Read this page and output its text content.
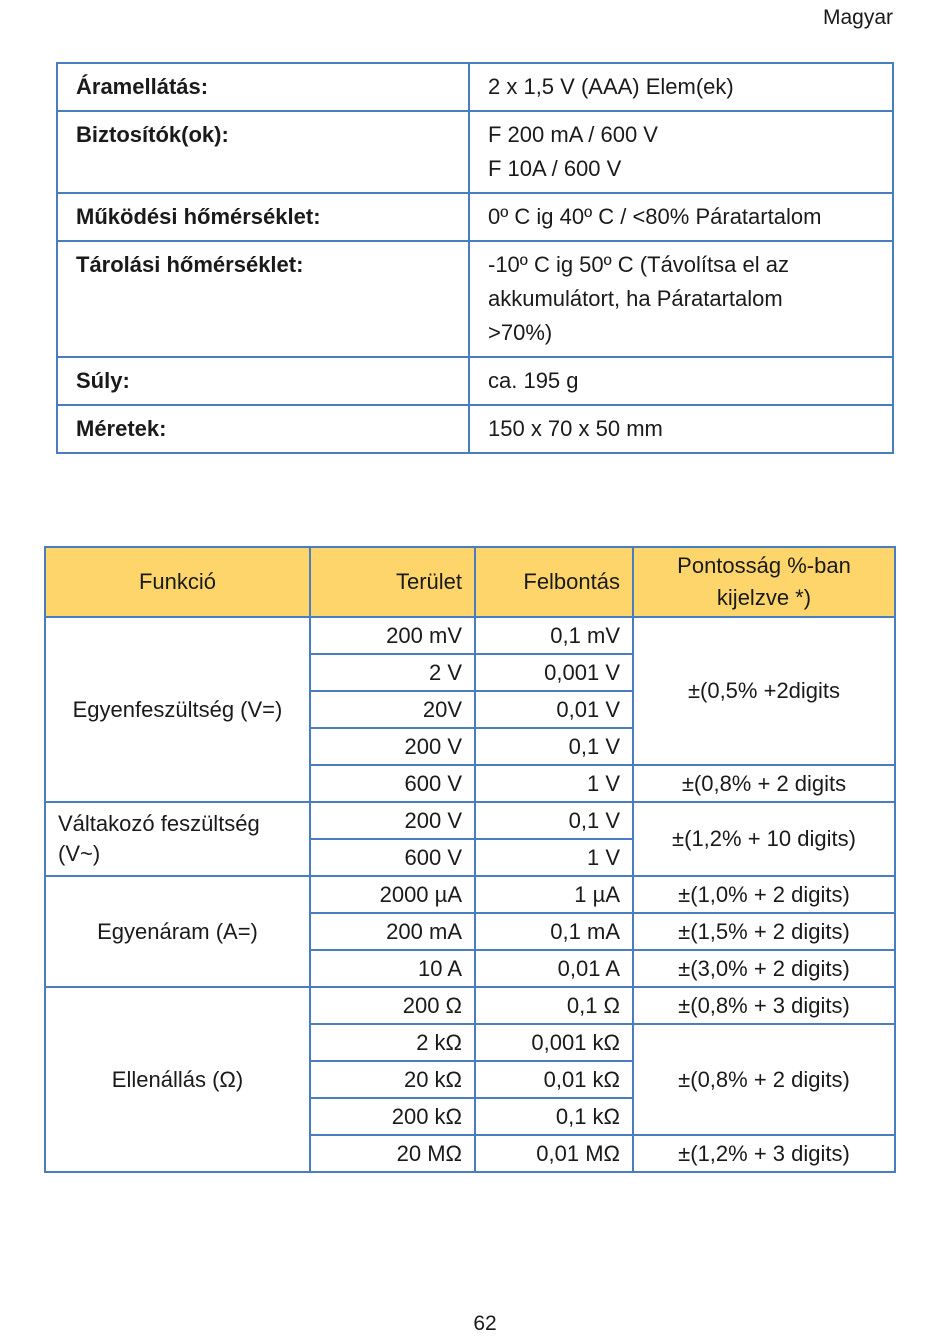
Magyar
Áramellátás:	2 x 1,5 V (AAA) Elem(ek)

Biztosítók(ok):	F 200 mA / 600 V
F 10A / 600 V

Működési hőmérséklet:	0º C ig 40º C / <80% Páratartalom

Tárolási hőmérséklet:	-10º C ig 50º C (Távolítsa el az
akkumulátort, ha Páratartalom
>70%)

Súly:	ca. 195 g

Méretek:	150 x 70 x 50 mm
Funkció	Terület	Felbontás	Pontosság %-ban
kijelzve *)

Egyenfeszültség (V=)	200 mV	0,1 mV	±(0,5% +2digits
	2 V	0,001 V	
	20V	0,01 V	
	200 V	0,1 V	
	600 V	1 V	±(0,8% + 2 digits

Váltakozó feszültség
(V~)	200 V	0,1 V	±(1,2% + 10 digits)
	600 V	1 V	
Egyenáram (A=)	2000 µA	1 µA	±(1,0% + 2 digits)
	200 mA	0,1 mA	±(1,5% + 2 digits)
	10 A	0,01 A	±(3,0% + 2 digits)
Ellenállás (Ω)	200 Ω	0,1 Ω	±(0,8% + 3 digits)
	2 kΩ	0,001 kΩ	±(0,8% + 2 digits)
	20 kΩ	0,01 kΩ	
	200 kΩ	0,1 kΩ	
	20 MΩ	0,01 MΩ	±(1,2% + 3 digits)
62
